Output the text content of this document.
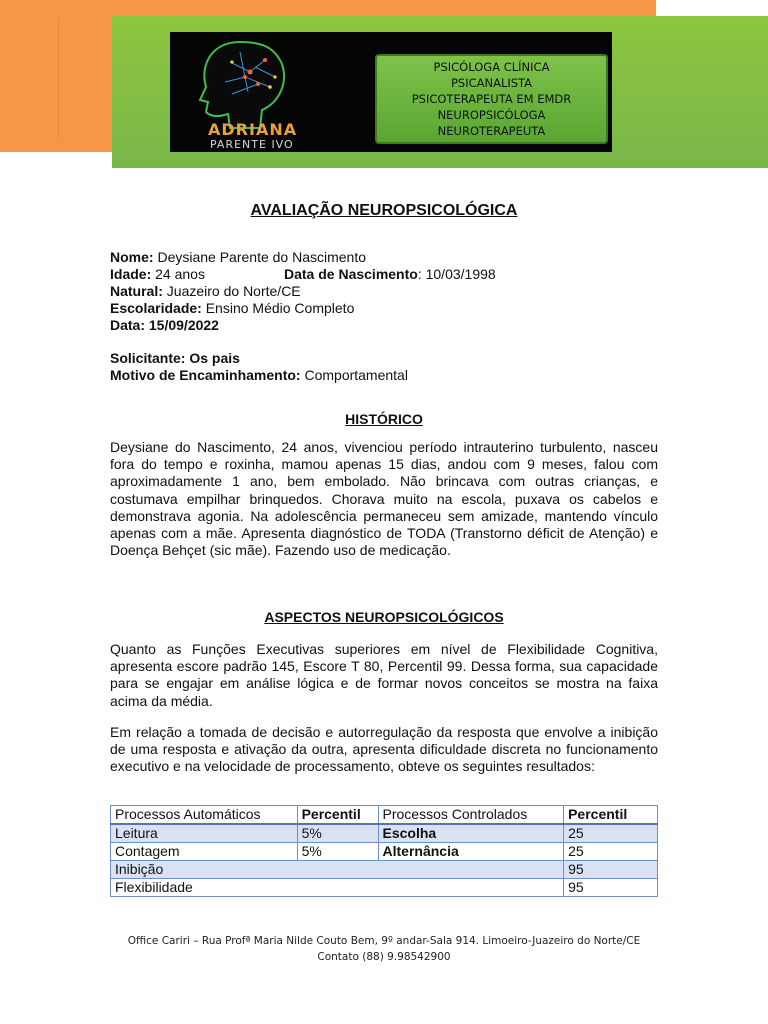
ADRIANA
PARENTE IVO
PSICÓLOGA CLÍNICA
PSICANALISTA
PSICOTERAPEUTA EM EMDR
NEUROPSICÓLOGA
NEUROTERAPEUTA
AVALIAÇÃO NEUROPSICOLÓGICA
Nome: Deysiane Parente do Nascimento
Idade: 24 anos	Data de Nascimento: 10/03/1998
Natural: Juazeiro do Norte/CE
Escolaridade: Ensino Médio Completo
Data: 15/09/2022
Solicitante: Os pais
Motivo de Encaminhamento: Comportamental
HISTÓRICO
Deysiane do Nascimento, 24 anos, vivenciou período intrauterino turbulento, nasceu fora do tempo e roxinha, mamou apenas 15 dias, andou com 9 meses, falou com aproximadamente 1 ano, bem embolado. Não brincava com outras crianças, e costumava empilhar brinquedos. Chorava muito na escola, puxava os cabelos e demonstrava agonia. Na adolescência permaneceu sem amizade, mantendo vínculo apenas com a mãe. Apresenta diagnóstico de TODA (Transtorno déficit de Atenção) e Doença Behçet (sic mãe). Fazendo uso de medicação.
ASPECTOS NEUROPSICOLÓGICOS
Quanto as Funções Executivas superiores em nível de Flexibilidade Cognitiva, apresenta escore padrão 145, Escore T 80, Percentil 99. Dessa forma, sua capacidade para se engajar em análise lógica e de formar novos conceitos se mostra na faixa acima da média.
Em relação a tomada de decisão e autorregulação da resposta que envolve a inibição de uma resposta e ativação da outra, apresenta dificuldade discreta no funcionamento executivo e na velocidade de processamento, obteve os seguintes resultados:
Processos Automáticos	Percentil	Processos Controlados	Percentil
Leitura	5%	Escolha	25
Contagem	5%	Alternância	25
Inibição			95
Flexibilidade			95
Office Cariri – Rua Profª Maria Nilde Couto Bem, 9º andar-Sala 914. Limoeiro-Juazeiro do Norte/CE
Contato (88) 9.98542900
